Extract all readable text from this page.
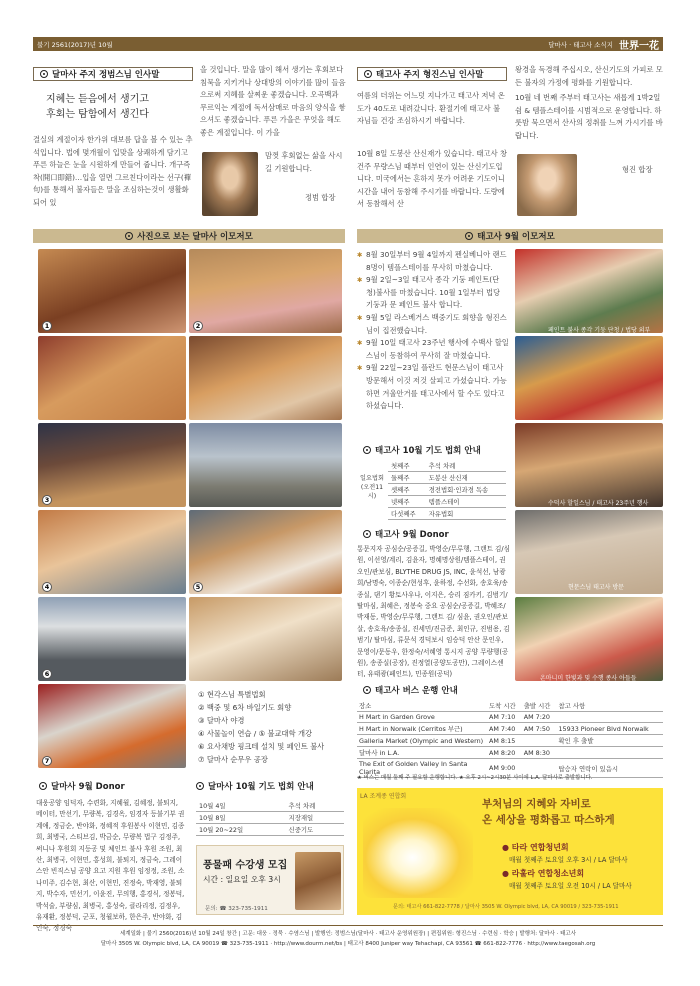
불기 2561(2017)년 10월	달마사 · 태고사 소식지 世界一花
달마사 주지 정범스님 인사말
지혜는 듣음에서 생기고
후회는 탐함에서 생긴다
결실의 계절이자 한가위 대보름 답을 볼 수 있는 추석입니다. 법에 몇개월이 입맞을 상쾌하게 담기고 푸른 하늘은 눈을 시원하게 만들어 줍니다. 개구즉착(開口即錯)…입을 열면 그르친다이라는 선구(禪句)를 통해서 불자들은 말을 조심하는것이 생활화되어 있
을 것입니다. 말을 많이 해서 생기는 후회보다 침묵을 지키거나 상대방의 이야기를 많이 들음으로써 지혜를 살찌운 좋겠습니다. 오곡백과 무르익는 계절에 독서삼매로 마음의 양식을 쌓으셔도 좋겠습니다. 푸른 가을은 무엇을 해도 좋은 계절입니다. 이 가을
맘껏 후회없는 삶을 사시길 기원합니다.
정범 합장
태고사 주지 형진스님 인사말
여름의 더위는 어느덧 지나가고 태고사 저녁 온도가 40도로 내려갔니다. 환절기에 태고사 불자님들 건강 조심하시기 바랍니다.
10월 8일 도봉산 산신재가 있습니다. 태고사 창건주 무량스님 때부터 인연이 있는 산신기도입니다. 미국에서는 흔하지 못가 어려운 기도이니 시간을 내어 동참해 주시기를 바랍니다. 도량에서 동참해서 산
왕경을 독경해 주십시오, 산신기도의 가피로 모든 불자의 가정에 평화를 기원합니다.
10월 네 번째 주부터 태고사는 새롭게 1박2일 쉼 & 템플스테이를 시범적으로 운영합니다. 하룻밤 묵으면서 산사의 정취를 느껴 가시기를 바랍니다.
형진 합장
사진으로 보는 달마사 이모저모
1	2
3
4	5
6
7
① 현각스님 특별법회
② 백중 및 6차 바일기도 회향
③ 달마사 야경
④ 사물놀이 연습 / ⑤ 불교대학 개강
⑥ 요사채방 핑크테 설치 및 페인트 불사
⑦ 달마사 순무우 공장
태고사 9월 이모저모
✱ 8월 30일부터 9월 4일까지 펜실베니아 랜드 8명이 템플스테이를 무사히 마쳤습니다.
✱ 9월 2일~3일 태고사 종각 기둥 페인트(단청)불사를 마쳤습니다. 10월 1일부터 법당 기둥과 문 페인트 불사 합니다.
✱ 9월 5일 라스베거스 백중기도 회향을 형진스님이 집전했습니다.
✱ 9월 10일 태고사 23주년 행사에 수백사 할일스님이 동참하여 무사히 잘 마쳤습니다.
✱ 9월 22일~23일 플란드 현문스님이 태고사 방문해서 이것 저것 살피고 가셨습니다. 가능하면 겨울안거를 태고사에서 할 수도 있다고 하셨습니다.
페인트 불사 종각 기둥 단청 / 법당 외부
수덕사 할일스님 / 태고사 23주년 행사
현문스님 태고사 방문
온마니미 한빛과 및 수행 종사 아들들
태고사 10월 기도 법회 안내
일요법회 (오전11시)
첫째주	추석 차례
둘째주	도봉산 산신재
셋째주	경전법회·인과경 독송
넷째주	템플스테이
다섯째주	자유법회
태고사 9월 Donor
통문지자 공심순/공증길, 박영순/무루행, 그랜트 김/심원, 이선영/계리, 김윤자, 명혜명상원/템플스테이, 권오인/관보심, BLYTHE DRUG JS, INC, 윤석선, 남광희/남명숙, 이종순/현성후, 윤하정, 수선화, 송호육/송종실, 댄기 황토사우나, 이지은, 승리 짐카키, 김범기/탈마심, 최혜은, 정봉숙 중요 공심순/공증길, 박혜조/박재동, 박영순/무루행, 그랜트 김/ 심윤, 권오인/관보살, 송호육/송종실, 진세민/진금준, 최인규, 진범용, 김범기/ 탈마심, 류문석 경덕보시 임승덕 안산 문인우, 문영이/문동우, 한정숙/서혜영 통시지 공양 무량행(공원), 송종실(공장), 진정열(공양도공만), 그레이스센터, 유태광(페인트), 민종원(공덕)
태고사 버스 운행 안내
장소	도착 시간	출발 시간	참고 사항
H Mart in Garden Grove	AM 7:10	AM 7:20	
H Mart in Norwalk (Cerritos 부근)	AM 7:40	AM 7:50	15933 Pioneer Blvd Norwalk
Galleria Market (Olympic and Western)	AM 8:15		확인 후 출발
달마사 in L.A.	AM 8:20	AM 8:30	
The Exit of Golden Valley In Santa Clarita	AM 9:00		탑승자 연락이 있음시
★ 버스는 매월 둘째 주 필요할 운행합니다. ★ 오후 2시~2시30분 사이에 L.A. 달마사로 출발합니다.
달마사 9월 Donor
대웅공양 임덕자, 수련화, 지혜월, 김혜정, 불퇴지, 메이터, 만선기, 무량복, 김경옥, 임경자 등불기부 권계애, 정금순, 반야화, 정혜적 후원봉사 이현민, 김종희, 최병국, 스티브김, 박금순, 무량복 법구 김정주, 써니나 후원회 지등공 및 체인트 불사 후원 조원, 최산, 최병국, 이현민, 홍성희, 불퇴지, 정금숙, 그레이스안 빈직스님 공양 요고 지원 후원 임정정, 조원, 소나미주, 김수현, 최산, 이현민, 진정숙, 박재영, 불퇴지, 박수자, 민선기, 이윤진, 무의행, 홍경식, 정봉덕, 박석술, 부량심, 최병국, 홍성숙, 클라리정, 김정우, 유재환, 정봉덕, 군포, 청월보하, 한은주, 반야화, 김인숙, 정경숙
달마사 10월 기도 법회 안내
10월 4일	추석 차례
10월 8일	지장재일
10월 20~22일	신중기도
풍물패 수강생 모집
시간 : 일요일 오후 3시
문의: ☎ 323-735-1911
LA 조계종 연합회
부처님의 지혜와 자비로
온 세상을 평화롭고 따스하게
● 타라 연합청년회
매월 첫째주 토요일 오후 3시 / LA 달마사
● 라훌라 연합청소년회
매월 첫째주 토요일 오전 10시 / LA 달마사
문의: 태고사 661-822-7778 / 달마사 3505 W. Olympic blvd, LA, CA 90019 / 323-735-1911
세계일화 | 불기 2560(2016)년 10월 24일 창간 | 고문: 대웅 · 정묵 · 수염스님 | 발행인: 정범스님(달마사 · 태고사 운영위원장) | 편집위원: 형진스님 · 수련심 · 학승 | 발행처: 달마사 · 태고사
달마사 3505 W. Olympic blvd, LA, CA 90019 ☎ 323-735-1911 · http://www.dourm.net/bs | 태고사 8400 Juniper way Tehachapi, CA 93561 ☎ 661-822-7776 · http://www.taegosah.org
